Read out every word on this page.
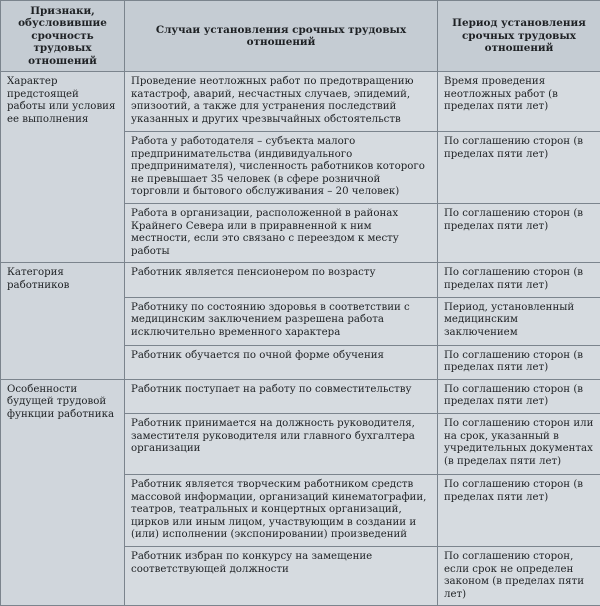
Признаки, обусловившие срочность трудовых отношений	Случаи установления срочных трудовых отношений	Период установления срочных трудовых отношений
Характер предстоящей работы или условия ее выполнения	Проведение неотложных работ по предотвращению катастроф, аварий, несчастных случаев, эпидемий, эпизоотий, а также для устранения последствий указанных и других чрезвычайных обстоятельств	Время проведения неотложных работ (в пределах пяти лет)
	Работа у работодателя – субъекта малого предпринимательства (индивидуального предпринимателя), численность работников которого не превышает 35 человек (в сфере розничной торговли и бытового обслуживания – 20 человек)	По соглашению сторон (в пределах пяти лет)
	Работа в организации, расположенной в районах Крайнего Севера или в приравненной к ним местности, если это связано с переездом к месту работы	По соглашению сторон (в пределах пяти лет)
Категория работников	Работник является пенсионером по возрасту	По соглашению сторон (в пределах пяти лет)
	Работнику по состоянию здоровья в соответствии с медицинским заключением разрешена работа исключительно временного характера	Период, установленный медицинским заключением
	Работник обучается по очной форме обучения	По соглашению сторон (в пределах пяти лет)
Особенности будущей трудовой функции работника	Работник поступает на работу по совместительству	По соглашению сторон (в пределах пяти лет)
	Работник принимается на должность руководителя, заместителя руководителя или главного бухгалтера организации	По соглашению сторон или на срок, указанный в учредительных документах (в пределах пяти лет)
	Работник является творческим работником средств массовой информации, организаций кинематографии, театров, театральных и концертных организаций, цирков или иным лицом, участвующим в создании и (или) исполнении (экспонировании) произведений	По соглашению сторон (в пределах пяти лет)
	Работник избран по конкурсу на замещение соответствующей должности	По соглашению сторон, если срок не определен законом (в пределах пяти лет)
